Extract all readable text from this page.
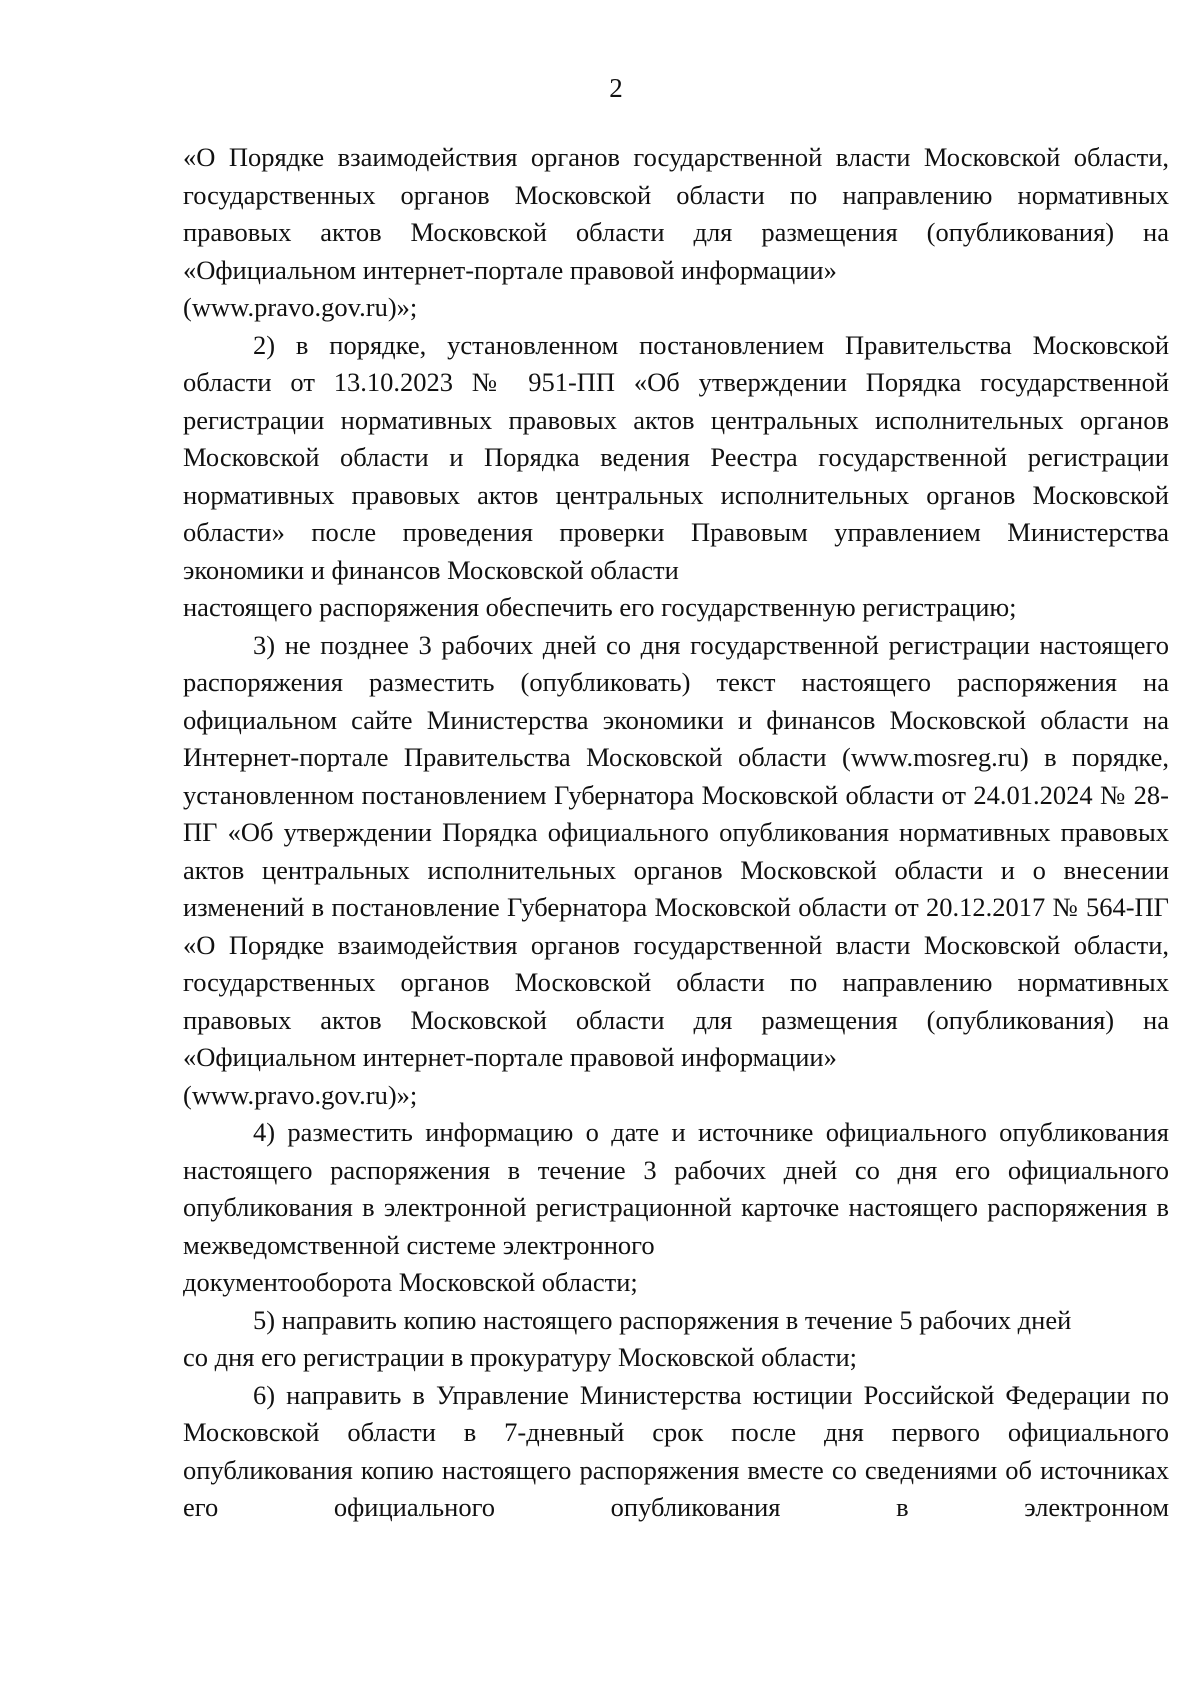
2

«О Порядке взаимодействия органов государственной власти Московской области, государственных органов Московской области по направлению нормативных правовых актов Московской области для размещения (опубликования) на «Официальном интернет-портале правовой информации»

(www.pravo.gov.ru)»;

2) в порядке, установленном постановлением Правительства Московской области от 13.10.2023 № 951-ПП «Об утверждении Порядка государственной регистрации нормативных правовых актов центральных исполнительных органов Московской области и Порядка ведения Реестра государственной регистрации нормативных правовых актов центральных исполнительных органов Московской области» после проведения проверки Правовым управлением Министерства экономики и финансов Московской области

настоящего распоряжения обеспечить его государственную регистрацию;

3) не позднее 3 рабочих дней со дня государственной регистрации настоящего распоряжения разместить (опубликовать) текст настоящего распоряжения на официальном сайте Министерства экономики и финансов Московской области на Интернет-портале Правительства Московской области (www.mosreg.ru) в порядке, установленном постановлением Губернатора Московской области от 24.01.2024 № 28-ПГ «Об утверждении Порядка официального опубликования нормативных правовых актов центральных исполнительных органов Московской области и о внесении изменений в постановление Губернатора Московской области от 20.12.2017 № 564-ПГ «О Порядке взаимодействия органов государственной власти Московской области, государственных органов Московской области по направлению нормативных правовых актов Московской области для размещения (опубликования) на «Официальном интернет-портале правовой информации»

(www.pravo.gov.ru)»;

4) разместить информацию о дате и источнике официального опубликования настоящего распоряжения в течение 3 рабочих дней со дня его официального опубликования в электронной регистрационной карточке настоящего распоряжения в межведомственной системе электронного

документооборота Московской области;

5) направить копию настоящего распоряжения в течение 5 рабочих дней

со дня его регистрации в прокуратуру Московской области;

6) направить в Управление Министерства юстиции Российской Федерации по Московской области в 7-дневный срок после дня первого официального опубликования копию настоящего распоряжения вместе со сведениями об источниках его официального опубликования в электронном
